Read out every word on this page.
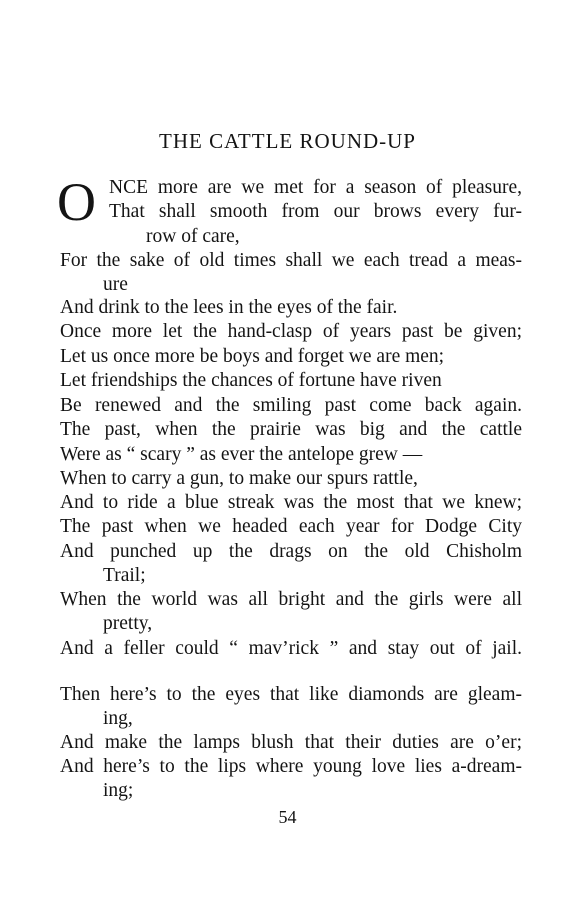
THE CATTLE ROUND-UP
O NCE more are we met for a season of pleasure,
That shall smooth from our brows every fur-
row of care,
For the sake of old times shall we each tread a meas-
ure
And drink to the lees in the eyes of the fair.
Once more let the hand-clasp of years past be given;
Let us once more be boys and forget we are men;
Let friendships the chances of fortune have riven
Be renewed and the smiling past come back again.
The past, when the prairie was big and the cattle
Were as “ scary ” as ever the antelope grew —
When to carry a gun, to make our spurs rattle,
And to ride a blue streak was the most that we knew;
The past when we headed each year for Dodge City
And punched up the drags on the old Chisholm
Trail;
When the world was all bright and the girls were all
pretty,
And a feller could “ mav’rick ” and stay out of jail.
Then here’s to the eyes that like diamonds are gleam-
ing,
And make the lamps blush that their duties are o’er;
And here’s to the lips where young love lies a-dream-
ing;
54
